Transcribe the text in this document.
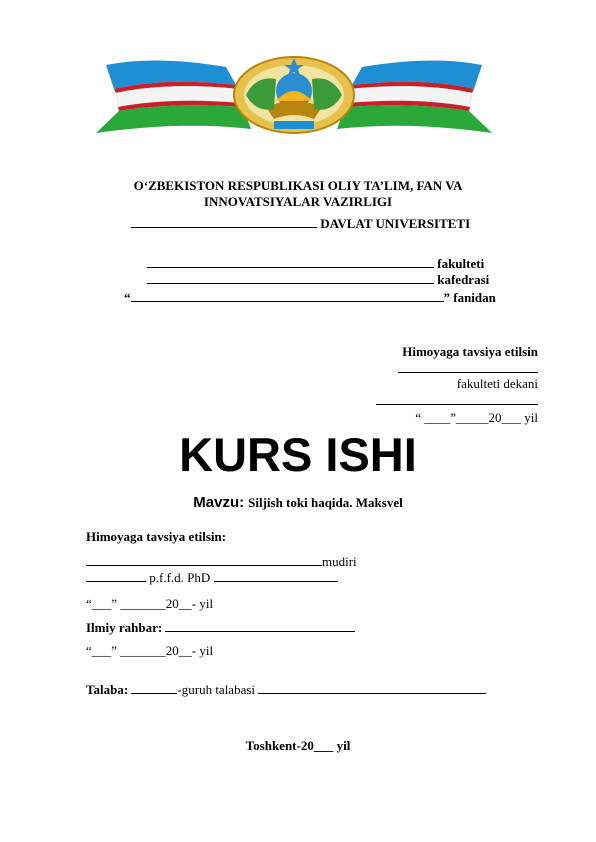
O‘ZBEKISTON RESPUBLIKASI OLIY TA’LIM, FAN VA
INNOVATSIYALAR VAZIRLIGI
DAVLAT UNIVERSITETI
fakulteti
kafedrasi
“	” fanidan
Himoyaga tavsiya etilsin
fakulteti dekani
“ ____”_____20___ yil
KURS ISHI
Mavzu: Siljish toki haqida. Maksvel
Himoyaga tavsiya etilsin:
mudiri
p.f.f.d. PhD
“___” _______20__- yil
Ilmiy rahbar:
“___” _______20__- yil
Talaba:	-guruh talabasi
Toshkent-20___ yil
